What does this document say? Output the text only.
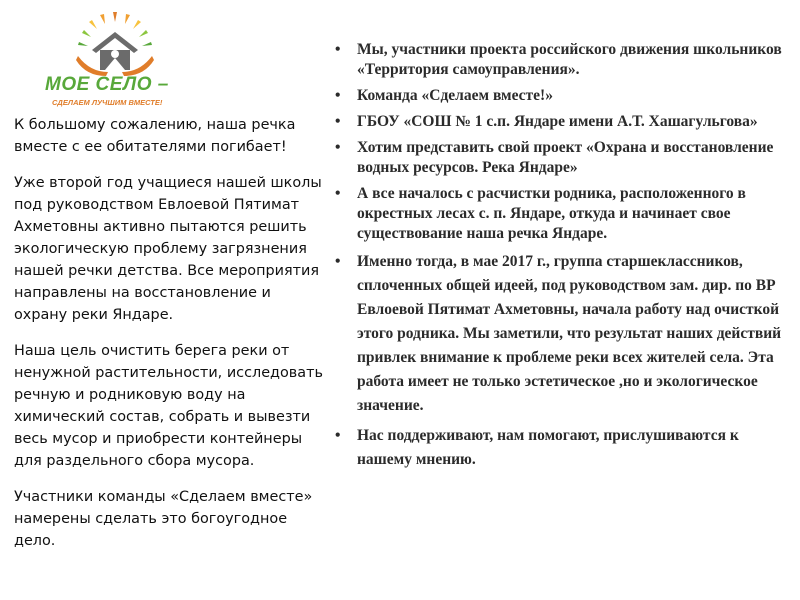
МОЕ СЕЛО –
СДЕЛАЕМ ЛУЧШИМ ВМЕСТЕ!

К большому сожалению, наша речка вместе с ее обитателями погибает!

Уже второй год учащиеся нашей школы под руководством Евлоевой Пятимат Ахметовны активно пытаются решить экологическую проблему загрязнения нашей речки детства. Все мероприятия направлены на восстановление и охрану реки Яндаре.

Наша цель очистить берега реки от ненужной растительности, исследовать речную и родниковую воду на химический состав, собрать и вывезти весь мусор и приобрести контейнеры для раздельного сбора мусора.

Участники команды «Сделаем вместе» намерены сделать это богоугодное дело.

• Мы, участники проекта российского движения школьников «Территория самоуправления».
• Команда «Сделаем вместе!»
• ГБОУ «СОШ № 1 с.п. Яндаре имени А.Т. Хашагульгова»
• Хотим представить свой проект «Охрана и восстановление водных ресурсов. Река Яндаре»
• А все началось с расчистки родника, расположенного в окрестных лесах с. п. Яндаре, откуда и начинает свое существование наша речка Яндаре.
• Именно тогда, в мае 2017 г., группа старшеклассников, сплоченных общей идеей, под руководством зам. дир. по ВР Евлоевой Пятимат Ахметовны, начала работу над очисткой этого родника. Мы заметили, что результат наших действий привлек внимание к проблеме реки всех жителей села. Эта работа имеет не только эстетическое ,но и экологическое значение.
• Нас поддерживают, нам помогают, прислушиваются к нашему мнению.
